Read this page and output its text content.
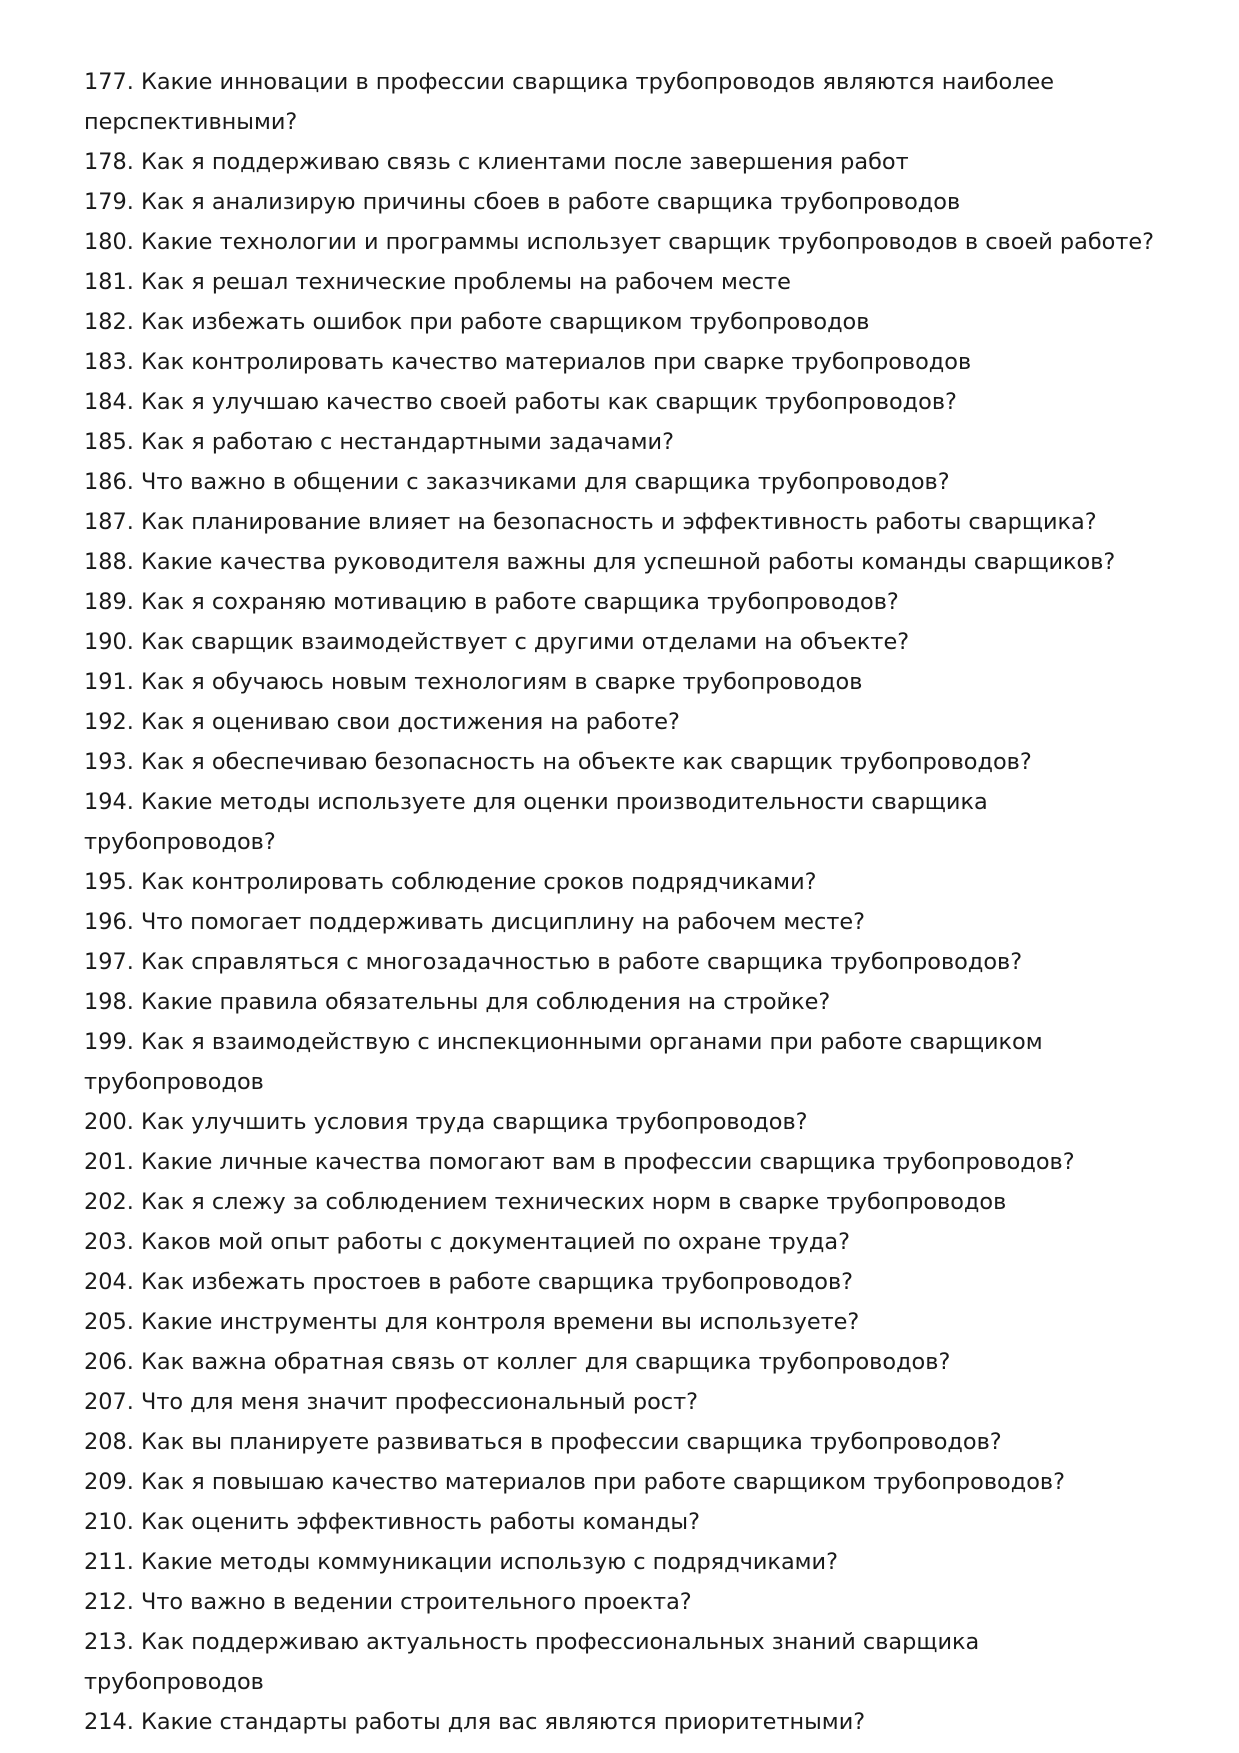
177. Какие инновации в профессии сварщика трубопроводов являются наиболее перспективными?
178. Как я поддерживаю связь с клиентами после завершения работ
179. Как я анализирую причины сбоев в работе сварщика трубопроводов
180. Какие технологии и программы использует сварщик трубопроводов в своей работе?
181. Как я решал технические проблемы на рабочем месте
182. Как избежать ошибок при работе сварщиком трубопроводов
183. Как контролировать качество материалов при сварке трубопроводов
184. Как я улучшаю качество своей работы как сварщик трубопроводов?
185. Как я работаю с нестандартными задачами?
186. Что важно в общении с заказчиками для сварщика трубопроводов?
187. Как планирование влияет на безопасность и эффективность работы сварщика?
188. Какие качества руководителя важны для успешной работы команды сварщиков?
189. Как я сохраняю мотивацию в работе сварщика трубопроводов?
190. Как сварщик взаимодействует с другими отделами на объекте?
191. Как я обучаюсь новым технологиям в сварке трубопроводов
192. Как я оцениваю свои достижения на работе?
193. Как я обеспечиваю безопасность на объекте как сварщик трубопроводов?
194. Какие методы используете для оценки производительности сварщика трубопроводов?
195. Как контролировать соблюдение сроков подрядчиками?
196. Что помогает поддерживать дисциплину на рабочем месте?
197. Как справляться с многозадачностью в работе сварщика трубопроводов?
198. Какие правила обязательны для соблюдения на стройке?
199. Как я взаимодействую с инспекционными органами при работе сварщиком трубопроводов
200. Как улучшить условия труда сварщика трубопроводов?
201. Какие личные качества помогают вам в профессии сварщика трубопроводов?
202. Как я слежу за соблюдением технических норм в сварке трубопроводов
203. Каков мой опыт работы с документацией по охране труда?
204. Как избежать простоев в работе сварщика трубопроводов?
205. Какие инструменты для контроля времени вы используете?
206. Как важна обратная связь от коллег для сварщика трубопроводов?
207. Что для меня значит профессиональный рост?
208. Как вы планируете развиваться в профессии сварщика трубопроводов?
209. Как я повышаю качество материалов при работе сварщиком трубопроводов?
210. Как оценить эффективность работы команды?
211. Какие методы коммуникации использую с подрядчиками?
212. Что важно в ведении строительного проекта?
213. Как поддерживаю актуальность профессиональных знаний сварщика трубопроводов
214. Какие стандарты работы для вас являются приоритетными?
